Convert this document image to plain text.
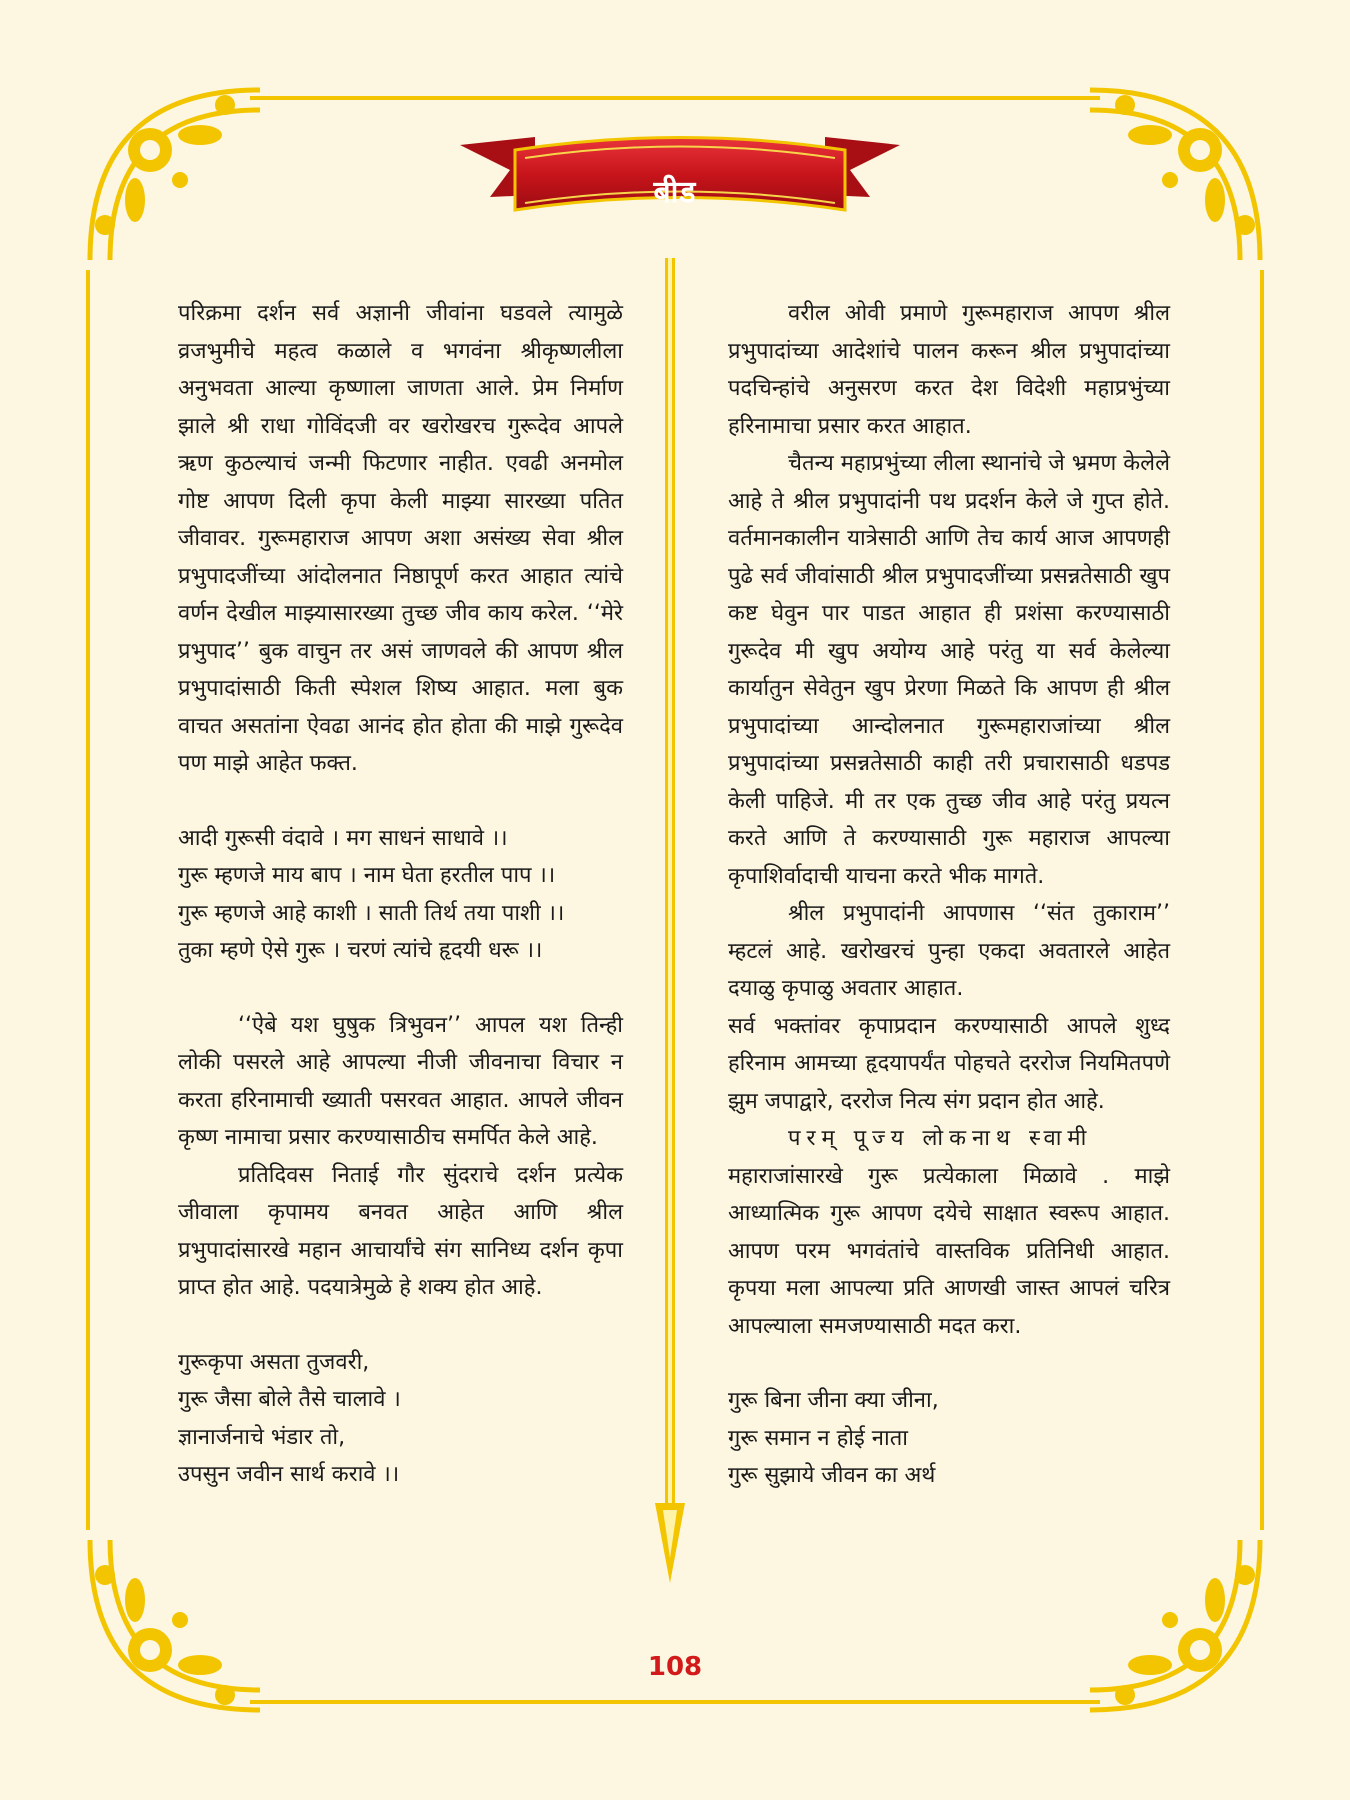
बीड

परिक्रमा दर्शन सर्व अज्ञानी जीवांना घडवले त्यामुळे व्रजभुमीचे महत्व कळाले व भगवंना श्रीकृष्णलीला अनुभवता आल्या कृष्णाला जाणता आले. प्रेम निर्माण झाले श्री राधा गोविंदजी वर खरोखरच गुरूदेव आपले ऋण कुठल्याचं जन्मी फिटणार नाहीत. एवढी अनमोल गोष्ट आपण दिली कृपा केली माझ्या सारख्या पतित जीवावर. गुरूमहाराज आपण अशा असंख्य सेवा श्रील प्रभुपादजींच्या आंदोलनात निष्ठापूर्ण करत आहात त्यांचे वर्णन देखील माझ्यासारख्या तुच्छ जीव काय करेल. ‘‘मेरे प्रभुपाद’’ बुक वाचुन तर असं जाणवले की आपण श्रील प्रभुपादांसाठी किती स्पेशल शिष्य आहात. मला बुक वाचत असतांना ऐवढा आनंद होत होता की माझे गुरूदेव पण माझे आहेत फक्त.

आदी गुरूसी वंदावे । मग साधनं साधावे ।।

गुरू म्हणजे माय बाप । नाम घेता हरतील पाप ।।

गुरू म्हणजे आहे काशी । साती तिर्थ तया पाशी ।।

तुका म्हणे ऐसे गुरू । चरणं त्यांचे हृदयी धरू ।।

‘‘ऐबे यश घुषुक त्रिभुवन’’ आपल यश तिन्ही लोकी पसरले आहे आपल्या नीजी जीवनाचा विचार न करता हरिनामाची ख्याती पसरवत आहात. आपले जीवन कृष्ण नामाचा प्रसार करण्यासाठीच समर्पित केले आहे.

प्रतिदिवस निताई गौर सुंदराचे दर्शन प्रत्येक जीवाला कृपामय बनवत आहेत आणि श्रील प्रभुपादांसारखे महान आचार्यांचे संग सानिध्य दर्शन कृपा प्राप्त होत आहे. पदयात्रेमुळे हे शक्य होत आहे.

गुरूकृपा असता तुजवरी,

गुरू जैसा बोले तैसे चालावे ।

ज्ञानार्जनाचे भंडार तो,

उपसुन जवीन सार्थ करावे ।।

वरील ओवी प्रमाणे गुरूमहाराज आपण श्रील प्रभुपादांच्या आदेशांचे पालन करून श्रील प्रभुपादांच्या पदचिन्हांचे अनुसरण करत देश विदेशी महाप्रभुंच्या हरिनामाचा प्रसार करत आहात.

चैतन्य महाप्रभुंच्या लीला स्थानांचे जे भ्रमण केलेले आहे ते श्रील प्रभुपादांनी पथ प्रदर्शन केले जे गुप्त होते. वर्तमानकालीन यात्रेसाठी आणि तेच कार्य आज आपणही पुढे सर्व जीवांसाठी श्रील प्रभुपादजींच्या प्रसन्नतेसाठी खुप कष्ट घेवुन पार पाडत आहात ही प्रशंसा करण्यासाठी गुरूदेव मी खुप अयोग्य आहे परंतु या सर्व केलेल्या कार्यातुन सेवेतुन खुप प्रेरणा मिळते कि आपण ही श्रील प्रभुपादांच्या आन्दोलनात गुरूमहाराजांच्या श्रील प्रभुपादांच्या प्रसन्नतेसाठी काही तरी प्रचारासाठी धडपड केली पाहिजे. मी तर एक तुच्छ जीव आहे परंतु प्रयत्न करते आणि ते करण्यासाठी गुरू महाराज आपल्या कृपाशिर्वादाची याचना करते भीक मागते.

श्रील प्रभुपादांनी आपणास ‘‘संत तुकाराम’’ म्हटलं आहे. खरोखरचं पुन्हा एकदा अवतारले आहेत दयाळु कृपाळु अवतार आहात.

सर्व भक्तांवर कृपाप्रदान करण्यासाठी आपले शुध्द हरिनाम आमच्या हृदयापर्यंत पोहचते दररोज नियमितपणे झुम जपाद्वारे, दररोज नित्य संग प्रदान होत आहे.

परम् पूज्य लोकनाथ स्वामी

महाराजांसारखे गुरू प्रत्येकाला मिळावे . माझे आध्यात्मिक गुरू आपण दयेचे साक्षात स्वरूप आहात. आपण परम भगवंतांचे वास्तविक प्रतिनिधी आहात. कृपया मला आपल्या प्रति आणखी जास्त आपलं चरित्र आपल्याला समजण्यासाठी मदत करा.

गुरू बिना जीना क्या जीना,

गुरू समान न होई नाता

गुरू सुझाये जीवन का अर्थ

108
